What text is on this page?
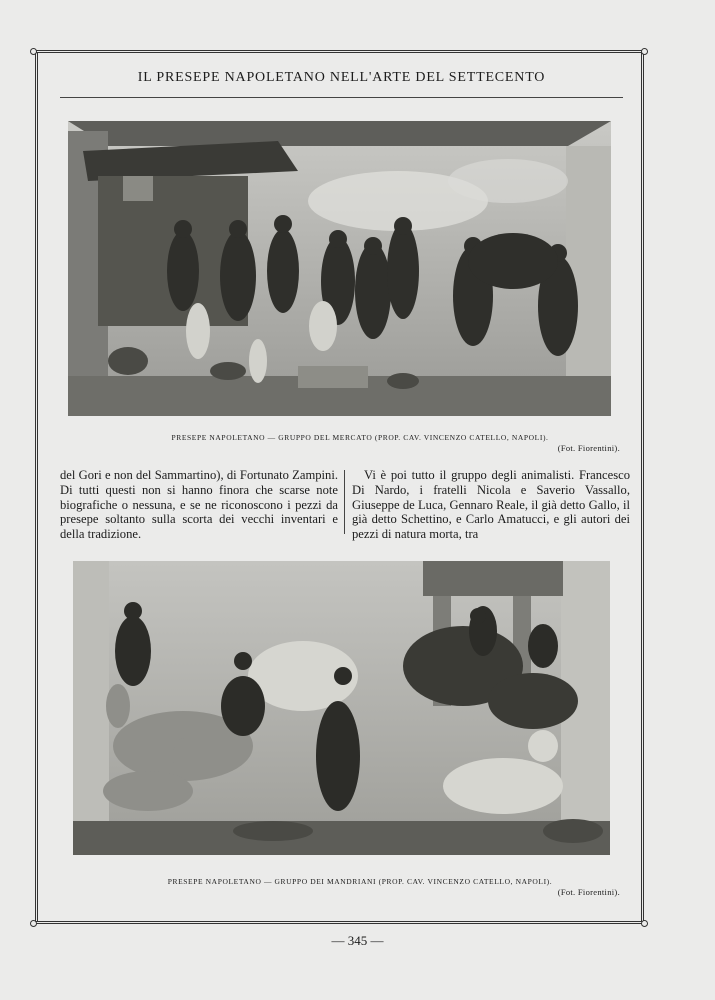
IL PRESEPE NAPOLETANO NELL'ARTE DEL SETTECENTO
PRESEPE NAPOLETANO — GRUPPO DEL MERCATO (PROP. CAV. VINCENZO CATELLO, NAPOLI).
(Fot. Fiorentini).

del Gori e non del Sammartino), di Fortunato Zampini. Di tutti questi non si hanno finora che scarse note biografiche o nessuna, e se ne riconoscono i pezzi da presepe soltanto sulla scorta dei vecchi inventari e della tradizione.

Vi è poi tutto il gruppo degli animalisti. Francesco Di Nardo, i fratelli Nicola e Saverio Vassallo, Giuseppe de Luca, Gennaro Reale, il già detto Gallo, il già detto Schettino, e Carlo Amatucci, e gli autori dei pezzi di natura morta, tra

PRESEPE NAPOLETANO — GRUPPO DEI MANDRIANI (PROP. CAV. VINCENZO CATELLO, NAPOLI).
(Fot. Fiorentini).
— 345 —
